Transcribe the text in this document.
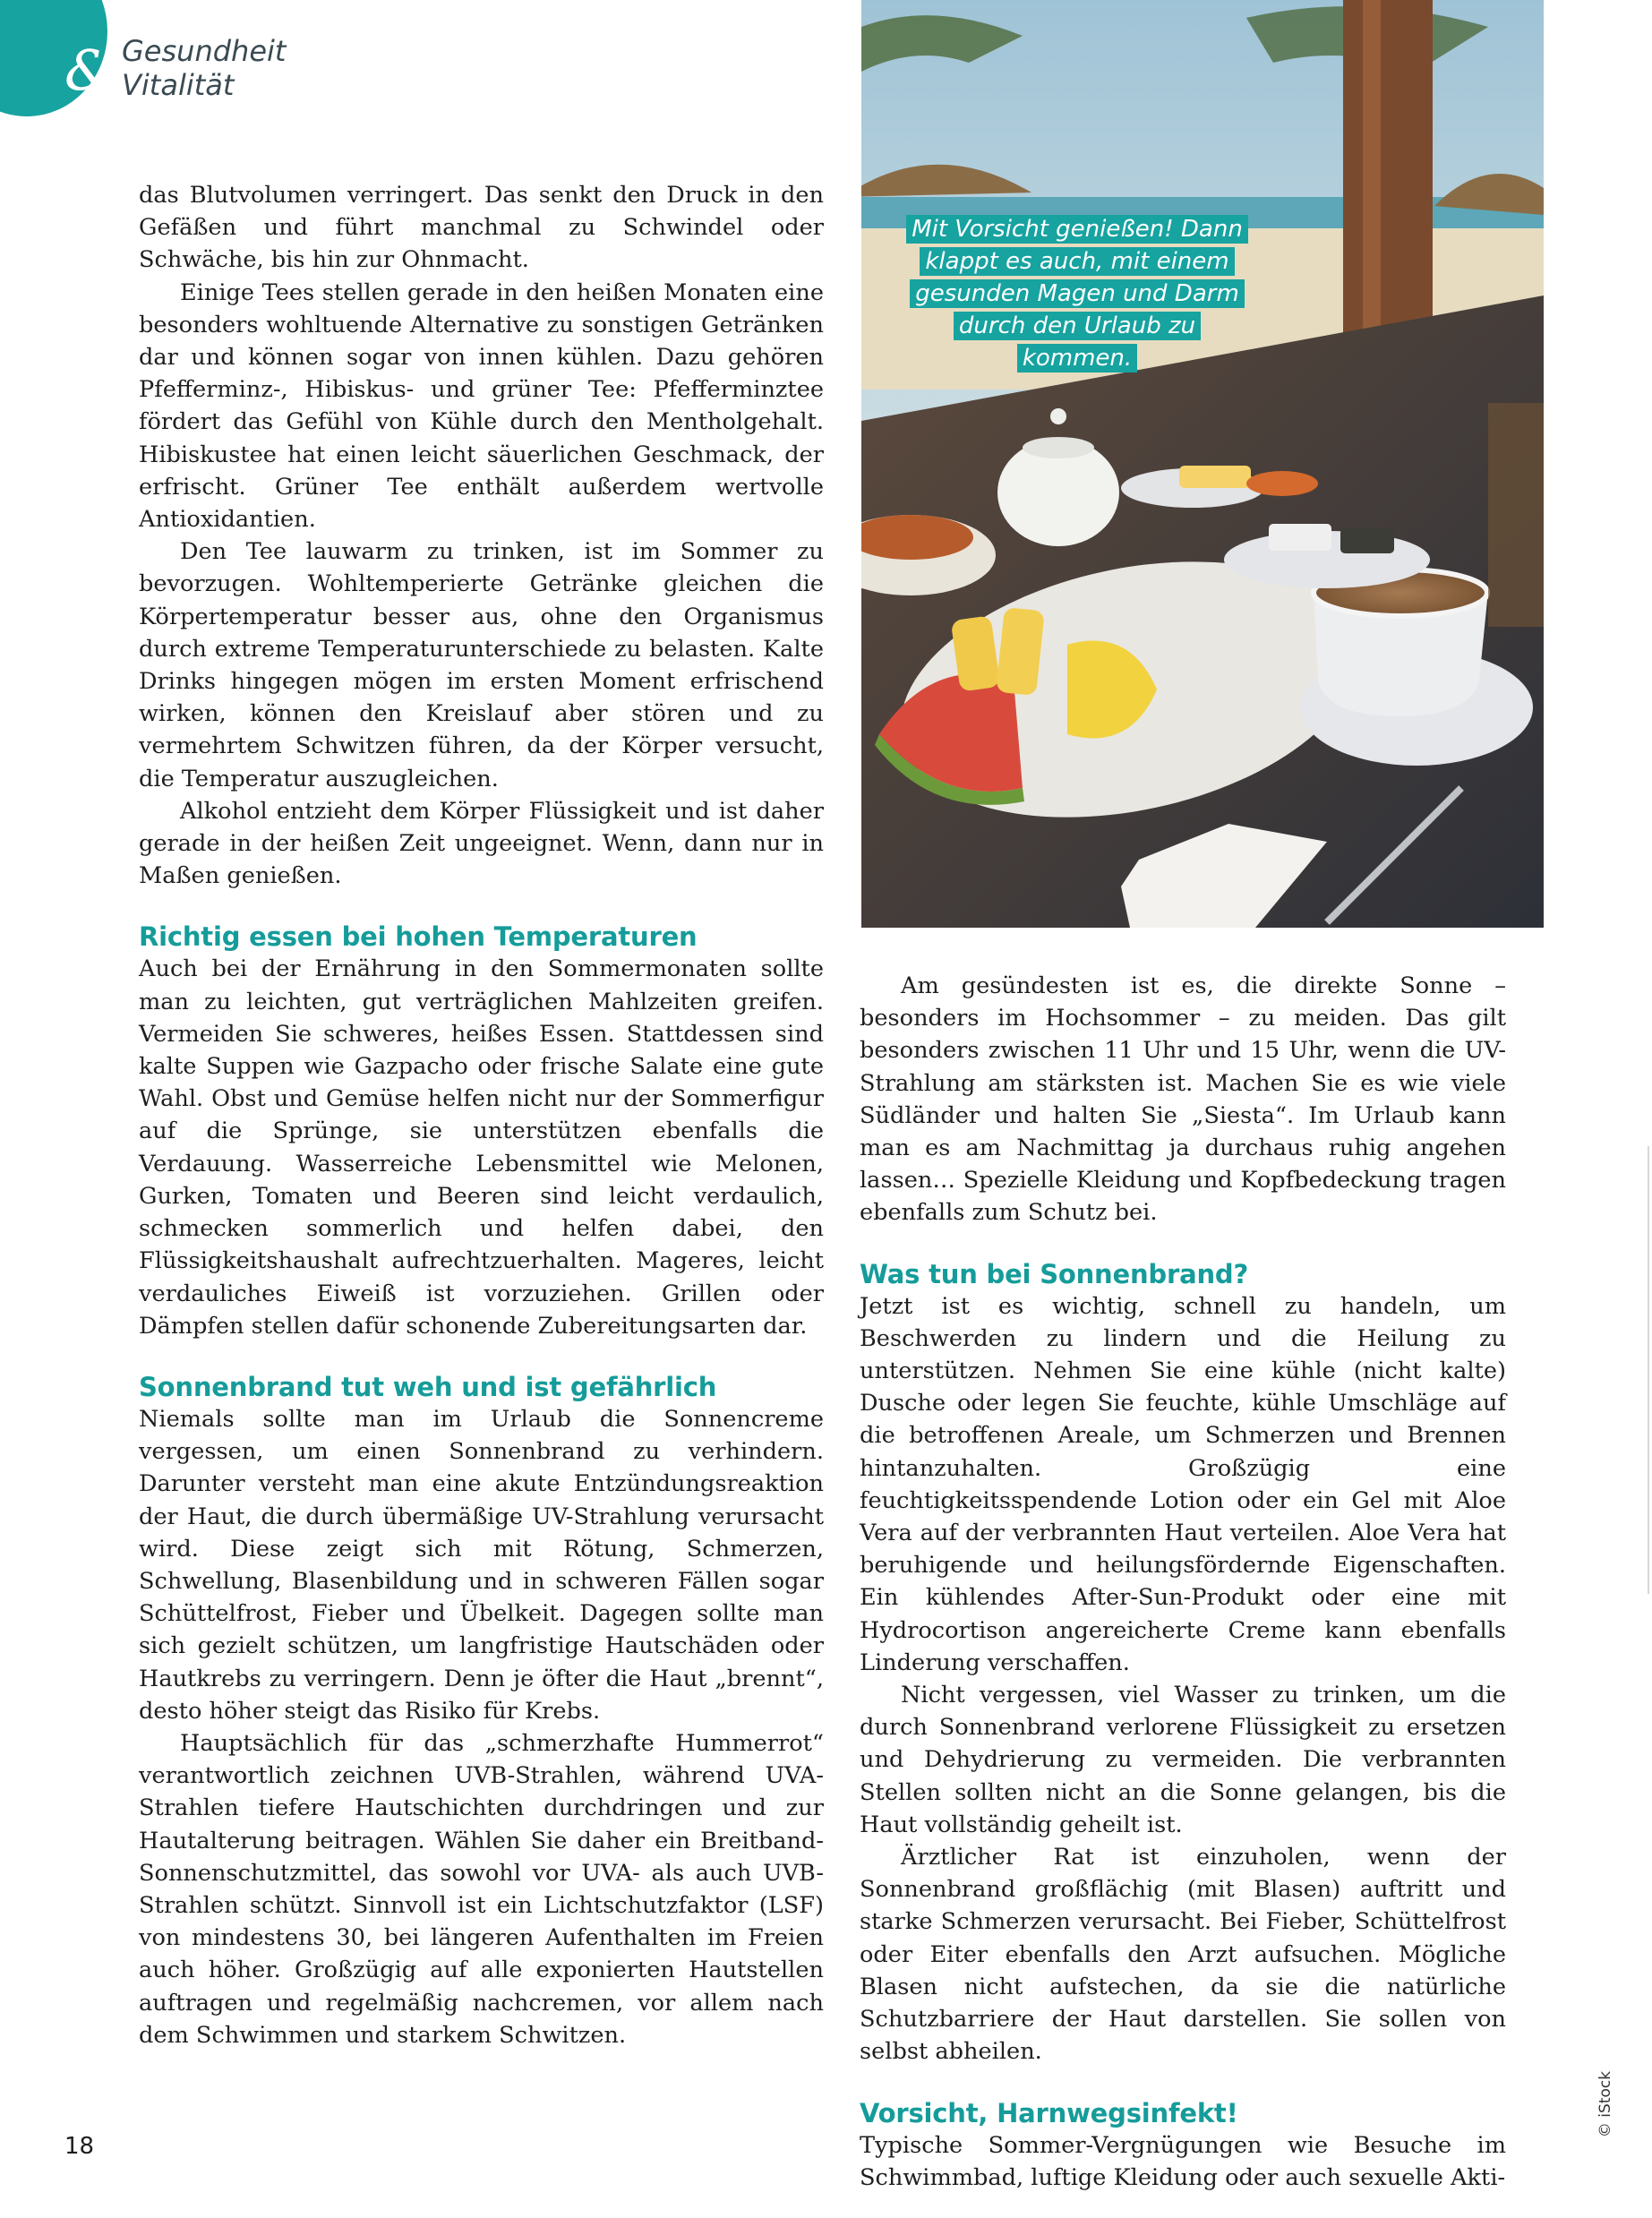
& Gesundheit
Vitalität
Mit Vorsicht genießen! Dann klappt es auch, mit einem gesunden Magen und Darm durch den Urlaub zu kommen.
© iStock

das Blutvolumen verringert. Das senkt den Druck in den Gefäßen und führt manchmal zu Schwindel oder Schwäche, bis hin zur Ohnmacht.

Einige Tees stellen gerade in den heißen Monaten eine besonders wohltuende Alternative zu sonstigen Getränken dar und können sogar von innen kühlen. Dazu gehören Pfefferminz-, Hibiskus- und grüner Tee: Pfefferminztee fördert das Gefühl von Kühle durch den Mentholgehalt. Hibiskustee hat einen leicht säuerlichen Geschmack, der erfrischt. Grüner Tee enthält außerdem wertvolle Antioxidantien.

Den Tee lauwarm zu trinken, ist im Sommer zu bevorzugen. Wohltemperierte Getränke gleichen die Körpertemperatur besser aus, ohne den Organismus durch extreme Temperaturunterschiede zu belasten. Kalte Drinks hingegen mögen im ersten Moment erfrischend wirken, können den Kreislauf aber stören und zu vermehrtem Schwitzen führen, da der Körper versucht, die Temperatur auszugleichen.

Alkohol entzieht dem Körper Flüssigkeit und ist daher gerade in der heißen Zeit ungeeignet. Wenn, dann nur in Maßen genießen.

Richtig essen bei hohen Temperaturen

Auch bei der Ernährung in den Sommermonaten sollte man zu leichten, gut verträglichen Mahlzeiten greifen. Vermeiden Sie schweres, heißes Essen. Stattdessen sind kalte Suppen wie Gazpacho oder frische Salate eine gute Wahl. Obst und Gemüse helfen nicht nur der Sommerfigur auf die Sprünge, sie unterstützen ebenfalls die Verdauung. Wasserreiche Lebensmittel wie Melonen, Gurken, Tomaten und Beeren sind leicht verdaulich, schmecken sommerlich und helfen dabei, den Flüssigkeitshaushalt aufrechtzuerhalten. Mageres, leicht verdauliches Eiweiß ist vorzuziehen. Grillen oder Dämpfen stellen dafür schonende Zubereitungsarten dar.

Sonnenbrand tut weh und ist gefährlich

Niemals sollte man im Urlaub die Sonnencreme vergessen, um einen Sonnenbrand zu verhindern. Darunter versteht man eine akute Entzündungsreaktion der Haut, die durch übermäßige UV-Strahlung verursacht wird. Diese zeigt sich mit Rötung, Schmerzen, Schwellung, Blasenbildung und in schweren Fällen sogar Schüttelfrost, Fieber und Übelkeit. Dagegen sollte man sich gezielt schützen, um langfristige Hautschäden oder Hautkrebs zu verringern. Denn je öfter die Haut „brennt“, desto höher steigt das Risiko für Krebs.

Hauptsächlich für das „schmerzhafte Hummerrot“ verantwortlich zeichnen UVB-Strahlen, während UVA-Strahlen tiefere Hautschichten durchdringen und zur Hautalterung beitragen. Wählen Sie daher ein Breitband-Sonnenschutzmittel, das sowohl vor UVA- als auch UVB-Strahlen schützt. Sinnvoll ist ein Lichtschutzfaktor (LSF) von mindestens 30, bei längeren Aufenthalten im Freien auch höher. Großzügig auf alle exponierten Hautstellen auftragen und regelmäßig nachcremen, vor allem nach dem Schwimmen und starkem Schwitzen.

Am gesündesten ist es, die direkte Sonne – besonders im Hochsommer – zu meiden. Das gilt besonders zwischen 11 Uhr und 15 Uhr, wenn die UV-Strahlung am stärksten ist. Machen Sie es wie viele Südländer und halten Sie „Siesta“. Im Urlaub kann man es am Nachmittag ja durchaus ruhig angehen lassen… Spezielle Kleidung und Kopfbedeckung tragen ebenfalls zum Schutz bei.

Was tun bei Sonnenbrand?

Jetzt ist es wichtig, schnell zu handeln, um Beschwerden zu lindern und die Heilung zu unterstützen. Nehmen Sie eine kühle (nicht kalte) Dusche oder legen Sie feuchte, kühle Umschläge auf die betroffenen Areale, um Schmerzen und Brennen hintanzuhalten. Großzügig eine feuchtigkeitsspendende Lotion oder ein Gel mit Aloe Vera auf der verbrannten Haut verteilen. Aloe Vera hat beruhigende und heilungsfördernde Eigenschaften. Ein kühlendes After-Sun-Produkt oder eine mit Hydrocortison angereicherte Creme kann ebenfalls Linderung verschaffen.

Nicht vergessen, viel Wasser zu trinken, um die durch Sonnenbrand verlorene Flüssigkeit zu ersetzen und Dehydrierung zu vermeiden. Die verbrannten Stellen sollten nicht an die Sonne gelangen, bis die Haut vollständig geheilt ist.

Ärztlicher Rat ist einzuholen, wenn der Sonnenbrand großflächig (mit Blasen) auftritt und starke Schmerzen verursacht. Bei Fieber, Schüttelfrost oder Eiter ebenfalls den Arzt aufsuchen. Mögliche Blasen nicht aufstechen, da sie die natürliche Schutzbarriere der Haut darstellen. Sie sollen von selbst abheilen.

Vorsicht, Harnwegsinfekt!

Typische Sommer-Vergnügungen wie Besuche im Schwimmbad, luftige Kleidung oder auch sexuelle Akti-

18
